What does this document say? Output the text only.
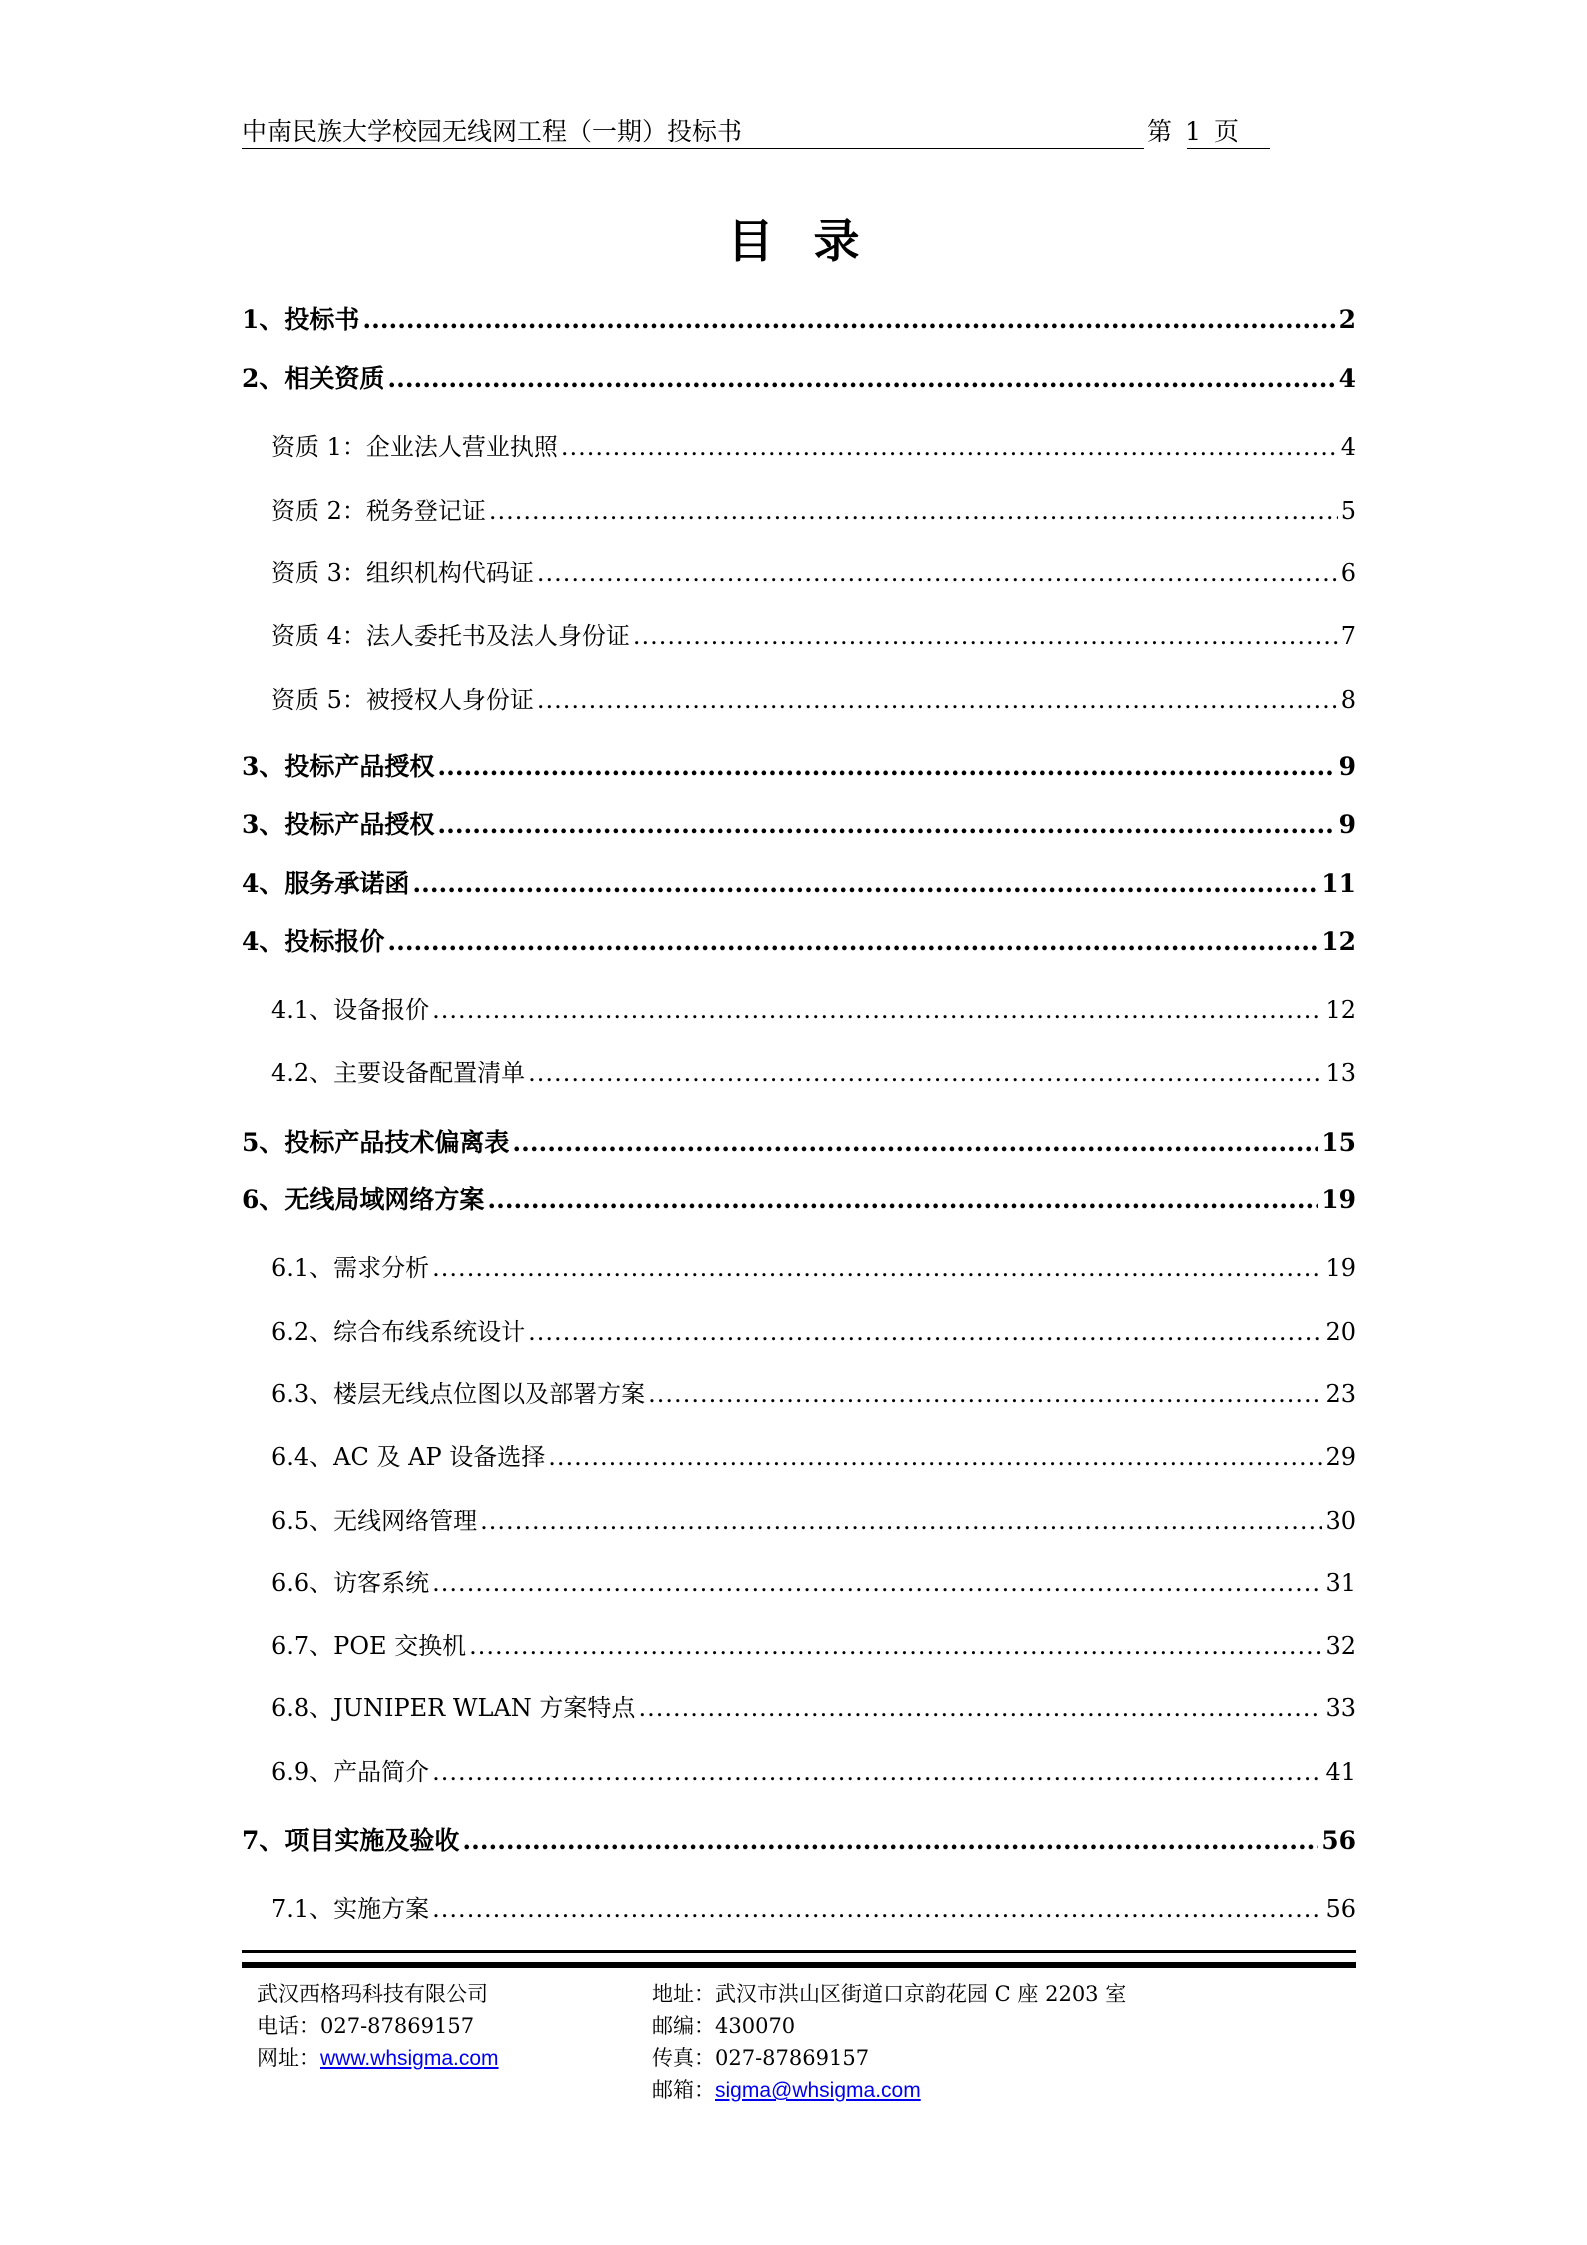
中南民族大学校园无线网工程（一期）投标书	第 1 页
目录
1、投标书 .....	2
2、相关资质 .....	4
资质 1：企业法人营业执照 .....	4
资质 2：税务登记证 .....	5
资质 3：组织机构代码证 .....	6
资质 4：法人委托书及法人身份证 .....	7
资质 5：被授权人身份证 .....	8
3、投标产品授权 .....	9
3、投标产品授权 .....	9
4、服务承诺函 .....	11
4、投标报价 .....	12
4.1、设备报价 .....	12
4.2、主要设备配置清单 .....	13
5、投标产品技术偏离表 .....	15
6、无线局域网络方案 .....	19
6.1、需求分析 .....	19
6.2、综合布线系统设计 .....	20
6.3、楼层无线点位图以及部署方案 .....	23
6.4、AC 及 AP 设备选择 .....	29
6.5、无线网络管理 .....	30
6.6、访客系统 .....	31
6.7、POE 交换机 .....	32
6.8、JUNIPER WLAN 方案特点 .....	33
6.9、产品简介 .....	41
7、项目实施及验收 .....	56
7.1、实施方案 .....	56
武汉西格玛科技有限公司
电话：027-87869157
网址：www.whsigma.com
地址：武汉市洪山区街道口京韵花园 C 座 2203 室
邮编：430070
传真：027-87869157
邮箱：sigma@whsigma.com
